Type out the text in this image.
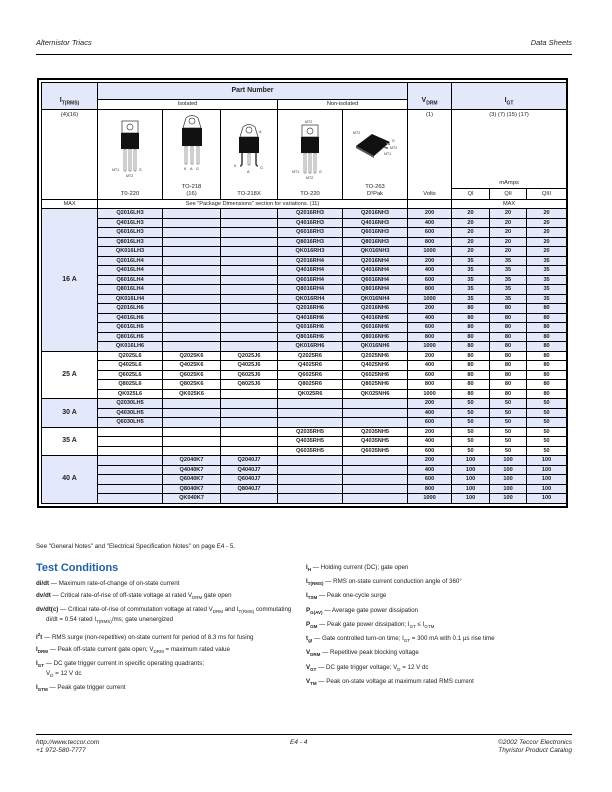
Alternistor Triacs	Data Sheets
$I_{T(RMS)}$	Part Number					$V_{DRM}$	$I_{GT}$
	Isolated			Non-isolated					
(4)(16)	
MT1
MT2
G
T0-220

K A G
TO-218
(16)

A
K
A
G
TO-218X

MT2
MT1
MT2
G
TO-220

MT2
G
MT2
MT1
TO-263
D²Pak

(1)
Volts

(3) (7) (15) (17)
mAmps

							QI	QII	QIII
MAX	See "Package Dimensions" section for variations. (11)						MAX		
16 A	Q2016LH3			Q2016RH3	Q2016NH3	200	20	20	20
	Q4016LH3			Q4016RH3	Q4016NH3	400	20	20	20
	Q6016LH3			Q6016RH3	Q6016NH3	600	20	20	20
	Q8016LH3			Q8016RH3	Q8016NH3	800	20	20	20
	QK016LH3			QK016RH3	QK016NH3	1000	20	20	20
	Q2016LH4			Q2016RH4	Q2016NH4	200	35	35	35
	Q4016LH4			Q4016RH4	Q4016NH4	400	35	35	35
	Q6016LH4			Q6016RH4	Q6016NH4	600	35	35	35
	Q8016LH4			Q8016RH4	Q8016NH4	800	35	35	35
	QK016LH4			QK016RH4	QK016NH4	1000	35	35	35
	Q2016LH6			Q2016RH6	Q2016NH6	200	80	80	80
	Q4016LH6			Q4016RH6	Q4016NH6	400	80	80	80
	Q6016LH6			Q6016RH6	Q6016NH6	600	80	80	80
	Q8016LH6			Q8016RH6	Q8016NH6	800	80	80	80
	QK016LH6			QK016RH6	QK016NH6	1000	80	80	80
25 A	Q2025L6	Q2025K6	Q2025J6	Q2025R6	Q2025NH6	200	80	80	80
	Q4025L6	Q4025K6	Q4025J6	Q4025R6	Q4025NH6	400	80	80	80
	Q6025L6	Q6025K6	Q6025J6	Q6025R6	Q6025NH6	600	80	80	80
	Q8025L6	Q8025K6	Q8025J6	Q8025R6	Q8025NH6	800	80	80	80
	QK025L6	QK025K6		QK025R6	QK025NH6	1000	80	80	80
30 A	Q2030LH5					200	50	50	50
	Q4030LH5					400	50	50	50
	Q6030LH5					600	50	50	50
35 A				Q2035RH5	Q2035NH5	200	50	50	50
				Q4035RH5	Q4035NH5	400	50	50	50
				Q6035RH5	Q6035NH5	600	50	50	50
40 A		Q2040K7	Q2040J7			200	100	100	100
		Q4040K7	Q4040J7			400	100	100	100
		Q6040K7	Q6040J7			600	100	100	100
		Q8040K7	Q8040J7			800	100	100	100
		QK040K7				1000	100	100	100
See "General Notes" and "Electrical Specification Notes" on page E4 - 5.
Test Conditions

di/dt — Maximum rate-of-change of on-state current

dv/dt — Critical rate-of-rise of off-state voltage at rated $V_{DRM}$ gate open

dv/dt(c) — Critical rate-of-rise of commutation voltage at rated $V_{DRM}$ and $I_{T(RMS)}$ commutating di/dt = 0.54 rated $I_{T(RMS)}/ms$; gate unenergized

$I^2t$ — RMS surge (non-repetitive) on-state current for period of 8.3 ms for fusing

$I_{DRM}$ — Peak off-state current gate open; $V_{DRM}$ = maximum rated value

$I_{GT}$ — DC gate trigger current in specific operating quadrants;
$V_D = 12$ V dc

$I_{GTM}$ — Peak gate trigger current

$I_H$ — Holding current (DC); gate open

$I_{T(RMS)}$ — RMS on-state current conduction angle of 360°

$I_{TSM}$ — Peak one-cycle surge

$P_{G(AV)}$ — Average gate power dissipation

$P_{GM}$ — Peak gate power dissipation; $I_{GT} \le I_{GTM}$

$t_{gt}$ — Gate controlled turn-on time; $I_{GT} = 300$ mA with 0.1 µs rise time

$V_{DRM}$ — Repetitive peak blocking voltage

$V_{GT}$ — DC gate trigger voltage; $V_D = 12$ V dc

$V_{TM}$ — Peak on-state voltage at maximum rated RMS current

http://www.teccor.com
+1 972-580-7777
E4 - 4	©2002 Teccor Electronics
Thyristor Product Catalog
